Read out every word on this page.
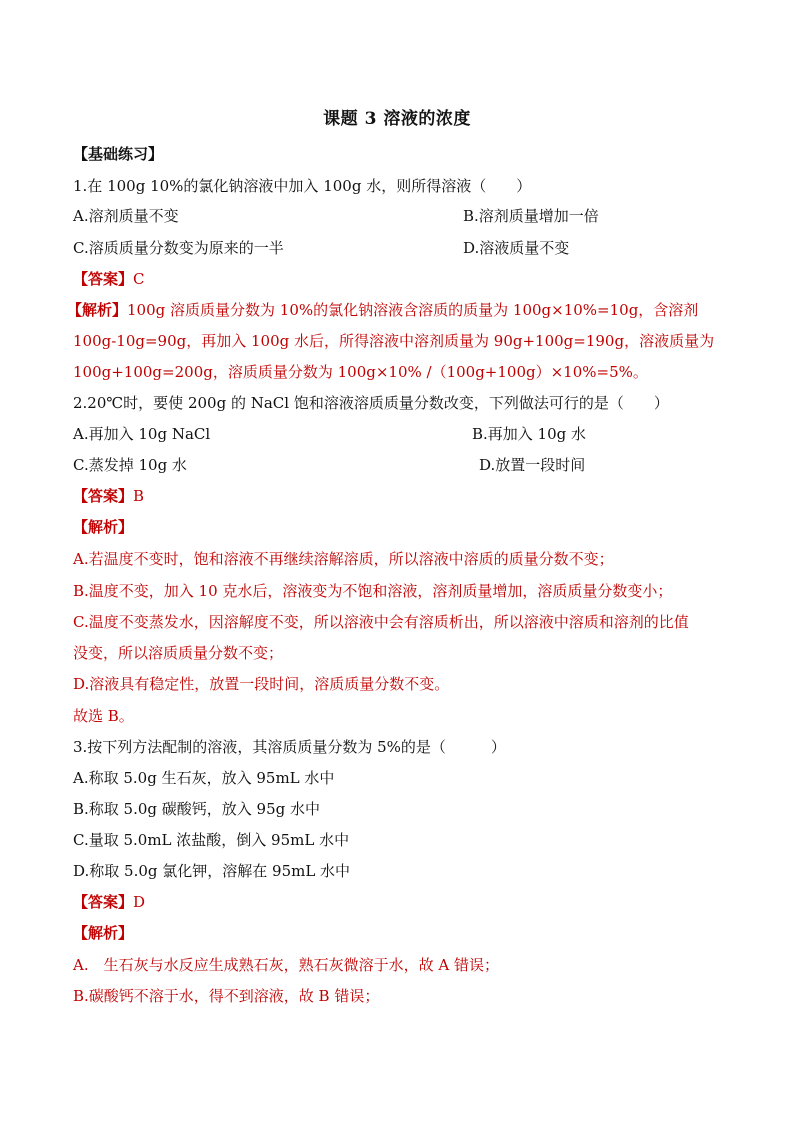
课题 3 溶液的浓度
【基础练习】
1.在 100g 10%的氯化钠溶液中加入 100g 水，则所得溶液（　　）
A.溶剂质量不变	B.溶剂质量增加一倍
C.溶质质量分数变为原来的一半	D.溶液质量不变
【答案】C
【解析】100g 溶质质量分数为 10%的氯化钠溶液含溶质的质量为 100g×10%=10g，含溶剂
100g-10g=90g，再加入 100g 水后，所得溶液中溶剂质量为 90g+100g=190g，溶液质量为
100g+100g=200g，溶质质量分数为 100g×10% /（100g+100g）×10%=5%。
2.20℃时，要使 200g 的 NaCl 饱和溶液溶质质量分数改变，下列做法可行的是（　　）
A.再加入 10g NaCl	B.再加入 10g 水
C.蒸发掉 10g 水	D.放置一段时间
【答案】B
【解析】
A.若温度不变时，饱和溶液不再继续溶解溶质，所以溶液中溶质的质量分数不变；
B.温度不变，加入 10 克水后，溶液变为不饱和溶液，溶剂质量增加，溶质质量分数变小；
C.温度不变蒸发水，因溶解度不变，所以溶液中会有溶质析出，所以溶液中溶质和溶剂的比值
没变，所以溶质质量分数不变；
D.溶液具有稳定性，放置一段时间，溶质质量分数不变。
故选 B。
3.按下列方法配制的溶液，其溶质质量分数为 5%的是（　　　）
A.称取 5.0g 生石灰，放入 95mL 水中
B.称取 5.0g 碳酸钙，放入 95g 水中
C.量取 5.0mL 浓盐酸，倒入 95mL 水中
D.称取 5.0g 氯化钾，溶解在 95mL 水中
【答案】D
【解析】
A.　生石灰与水反应生成熟石灰，熟石灰微溶于水，故 A 错误；
B.碳酸钙不溶于水，得不到溶液，故 B 错误；
